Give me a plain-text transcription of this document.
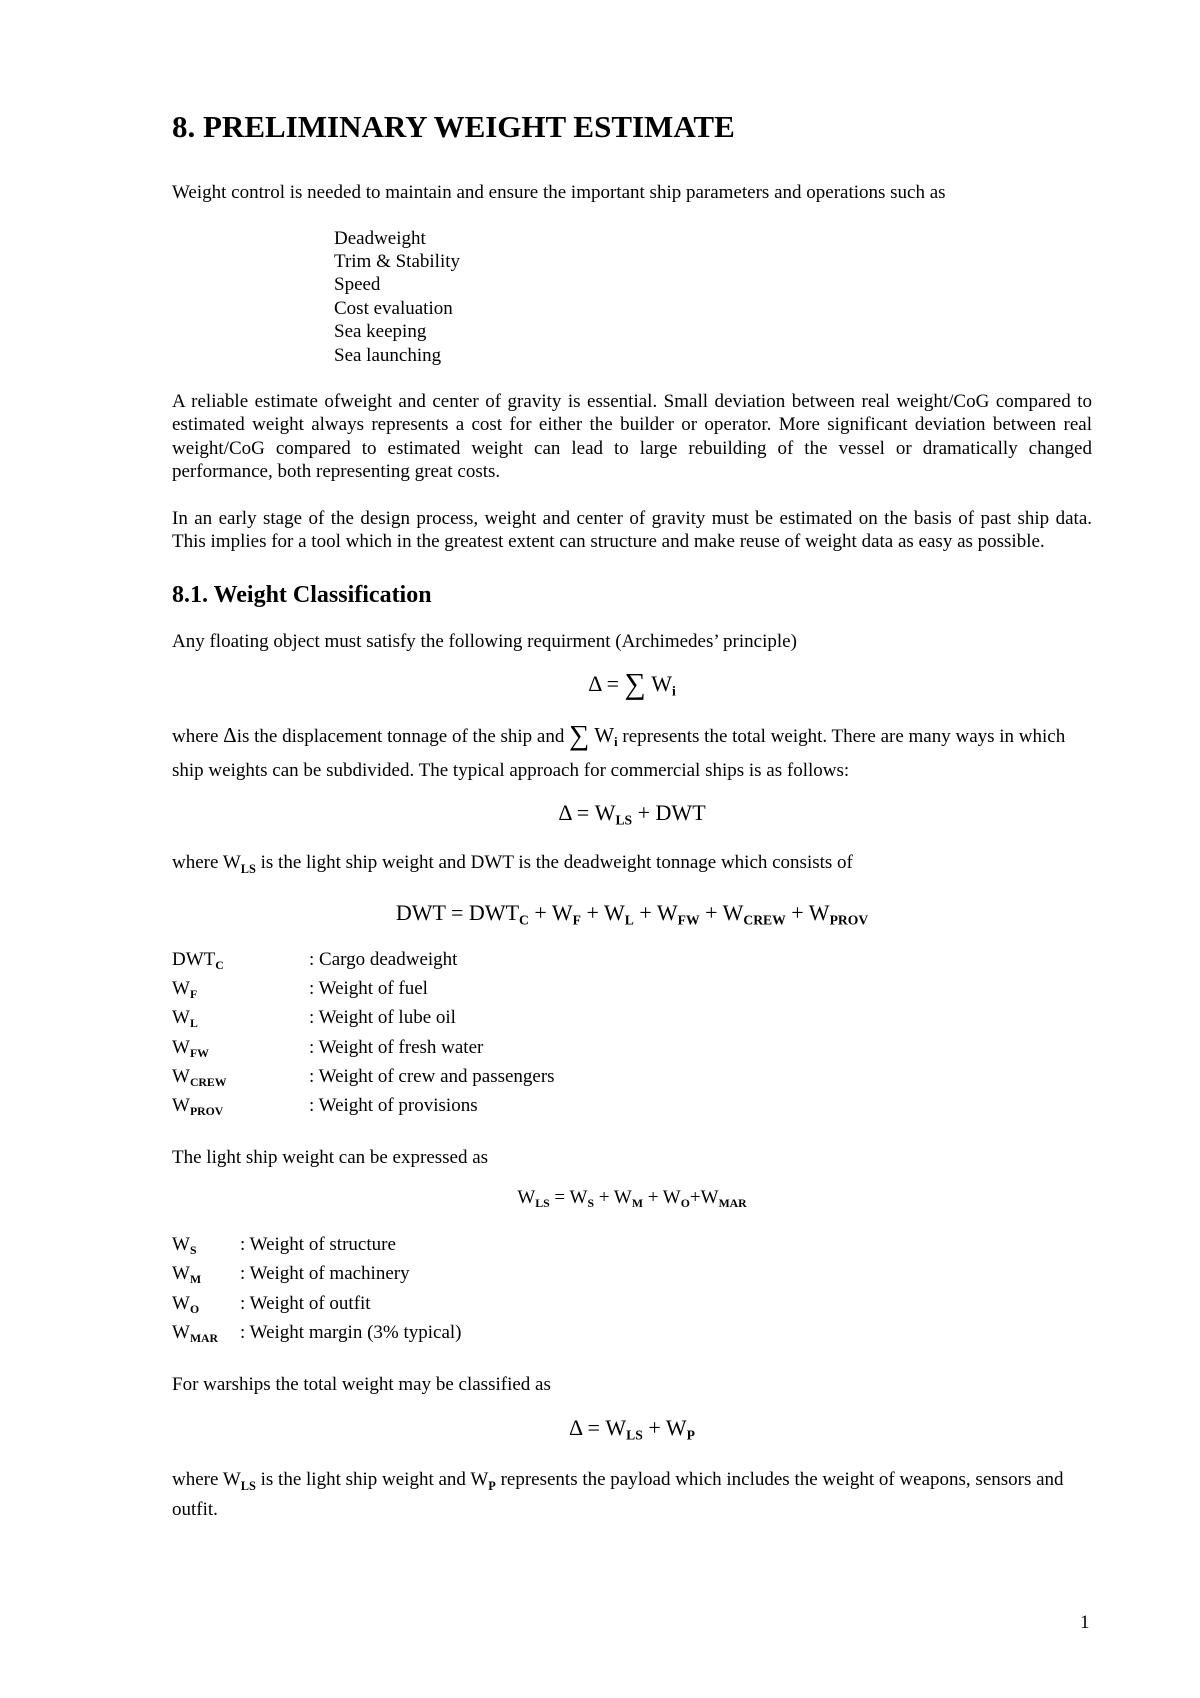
8. PRELIMINARY WEIGHT ESTIMATE

Weight control is needed to maintain and ensure the important ship parameters and operations such as

Deadweight
Trim & Stability
Speed
Cost evaluation
Sea keeping
Sea launching

A reliable estimate ofweight and center of gravity is essential. Small deviation between real weight/CoG compared to estimated weight always represents a cost for either the builder or operator. More significant deviation between real weight/CoG compared to estimated weight can lead to large rebuilding of the vessel or dramatically changed performance, both representing great costs.

In an early stage of the design process, weight and center of gravity must be estimated on the basis of past ship data. This implies for a tool which in the greatest extent can structure and make reuse of weight data as easy as possible.

8.1. Weight Classification

Any floating object must satisfy the following requirment (Archimedes’ principle)

Δ = ∑ $W_i$

where Δis the displacement tonnage of the ship and ∑ $W_i$ represents the total weight. There are many ways in which ship weights can be subdivided. The typical approach for commercial ships is as follows:

$\Delta = W_{LS}$ + DWT

where $W_{LS}$ is the light ship weight and DWT is the deadweight tonnage which consists of

DWT = $DWT_C + W_F + W_L + W_{FW} + W_{CREW} + W_{PROV}$
$DWT_C$	: Cargo deadweight
$W_F$	: Weight of fuel
$W_L$	: Weight of lube oil
$W_{FW}$	: Weight of fresh water
$W_{CREW}$	: Weight of crew and passengers
$W_{PROV}$	: Weight of provisions

The light ship weight can be expressed as

$W_{LS} = W_S + W_M + W_O+W_{MAR}$
$W_S$	: Weight of structure
$W_M$	: Weight of machinery
$W_O$	: Weight of outfit
$W_{MAR}$	: Weight margin (3% typical)

For warships the total weight may be classified as

$\Delta = W_{LS} + W_P$

where $W_{LS}$ is the light ship weight and $W_P$ represents the payload which includes the weight of weapons, sensors and outfit.

1
